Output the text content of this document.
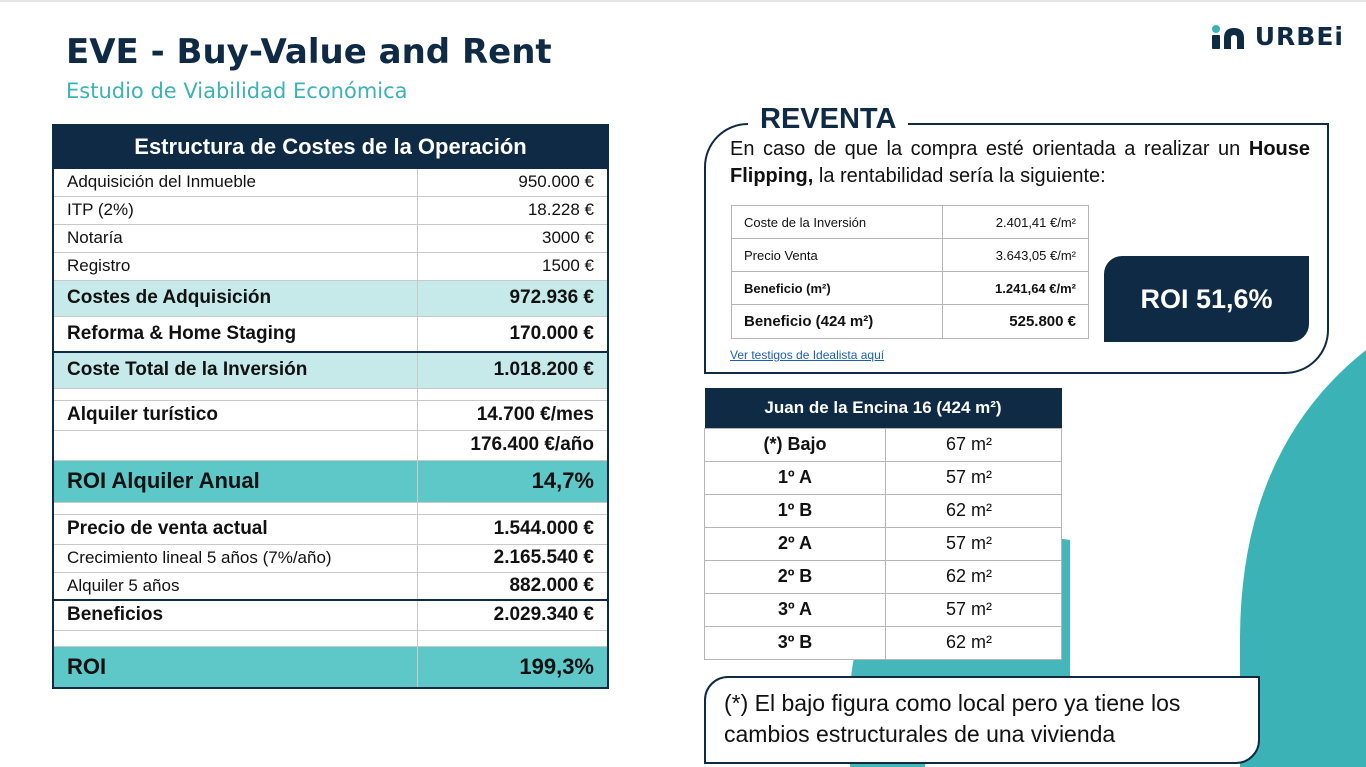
EVE - Buy-Value and Rent
Estudio de Viabilidad Económica
URBEi
Estructura de Costes de la Operación	
Adquisición del Inmueble	950.000 €
ITP (2%)	18.228 €
Notaría	3000 €
Registro	1500 €
Costes de Adquisición	972.936 €
Reforma & Home Staging	170.000 €
Coste Total de la Inversión	1.018.200 €

Alquiler turístico	14.700 €/mes
	176.400 €/año
ROI Alquiler Anual	14,7%

Precio de venta actual	1.544.000 €
Crecimiento lineal 5 años (7%/año)	2.165.540 €
Alquiler 5 años	882.000 €
Beneficios	2.029.340 €

ROI	199,3%
REVENTA
En caso de que la compra esté orientada a realizar un House Flipping, la rentabilidad sería la siguiente:
Coste de la Inversión	2.401,41 €/m²
Precio Venta	3.643,05 €/m²
Beneficio (m²)	1.241,64 €/m²
Beneficio (424 m²)	525.800 €
Ver testigos de Idealista aquí
ROI 51,6%
Juan de la Encina 16 (424 m²)	
(*) Bajo	67 m²
1º A	57 m²
1º B	62 m²
2º A	57 m²
2º B	62 m²
3º A	57 m²
3º B	62 m²
(*) El bajo figura como local pero ya tiene los cambios estructurales de una vivienda
